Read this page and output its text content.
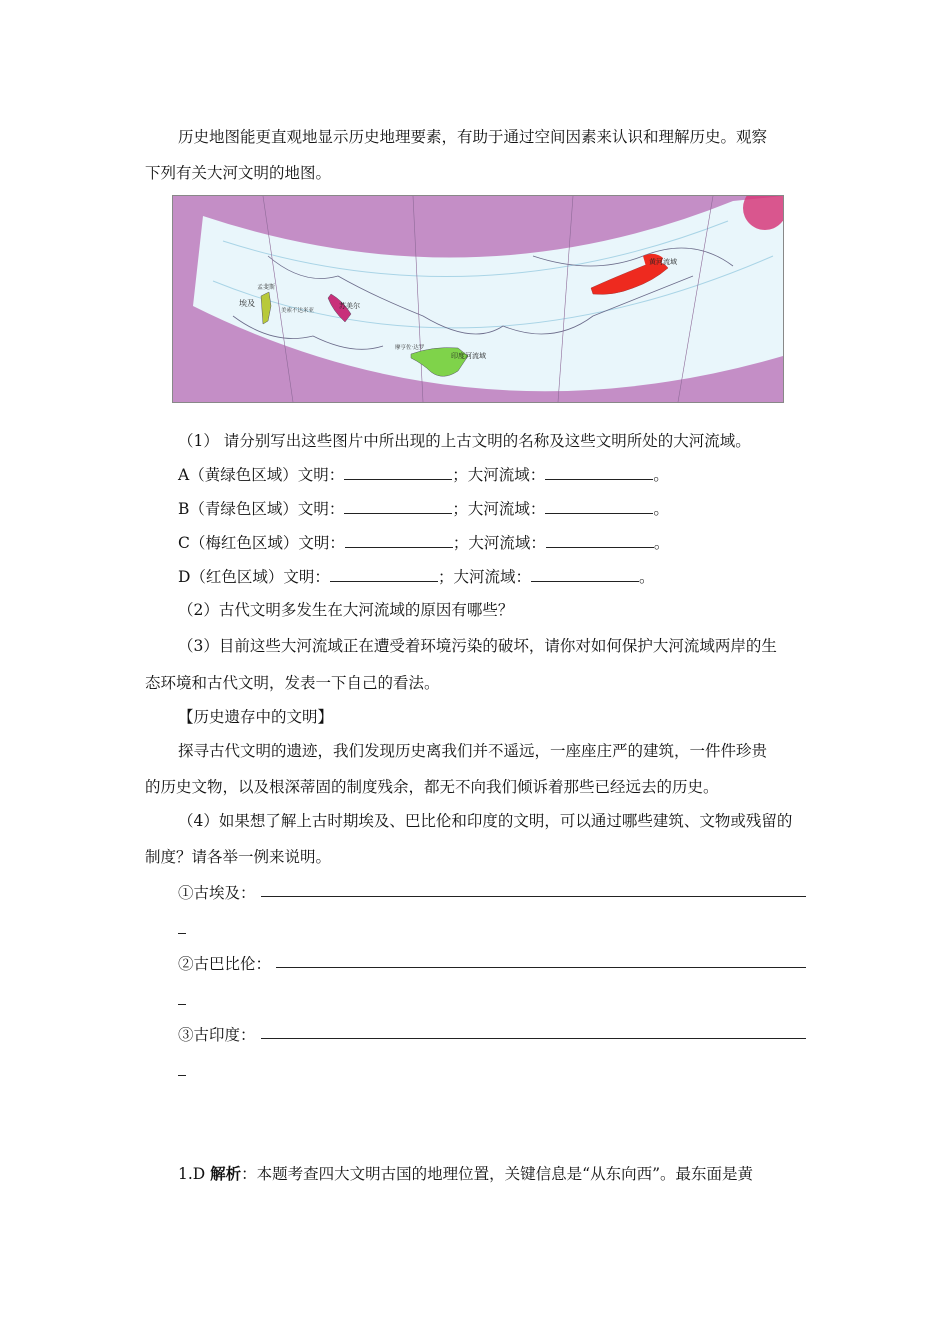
历史地图能更直观地显示历史地理要素，有助于通过空间因素来认识和理解历史。观察
下列有关大河文明的地图。
孟斐斯
埃及
美索不达米亚
苏美尔
摩亨佐·达罗
印度河流域
黄河流域
（1） 请分别写出这些图片中所出现的上古文明的名称及这些文明所处的大河流域。
A（黄绿色区域）文明：	；大河流域：	。
B（青绿色区域）文明：	；大河流域：	。
C（梅红色区域）文明：	；大河流域：	。
D（红色区域）文明：	；大河流域：	。
（2）古代文明多发生在大河流域的原因有哪些？
（3）目前这些大河流域正在遭受着环境污染的破坏，请你对如何保护大河流域两岸的生
态环境和古代文明，发表一下自己的看法。
【历史遗存中的文明】
探寻古代文明的遗迹，我们发现历史离我们并不遥远，一座座庄严的建筑，一件件珍贵
的历史文物，以及根深蒂固的制度残余，都无不向我们倾诉着那些已经远去的历史。
（4）如果想了解上古时期埃及、巴比伦和印度的文明，可以通过哪些建筑、文物或残留的
制度？请各举一例来说明。
①古埃及：
②古巴比伦：
③古印度：
1.D 解析：本题考查四大文明古国的地理位置，关键信息是“从东向西”。最东面是黄
